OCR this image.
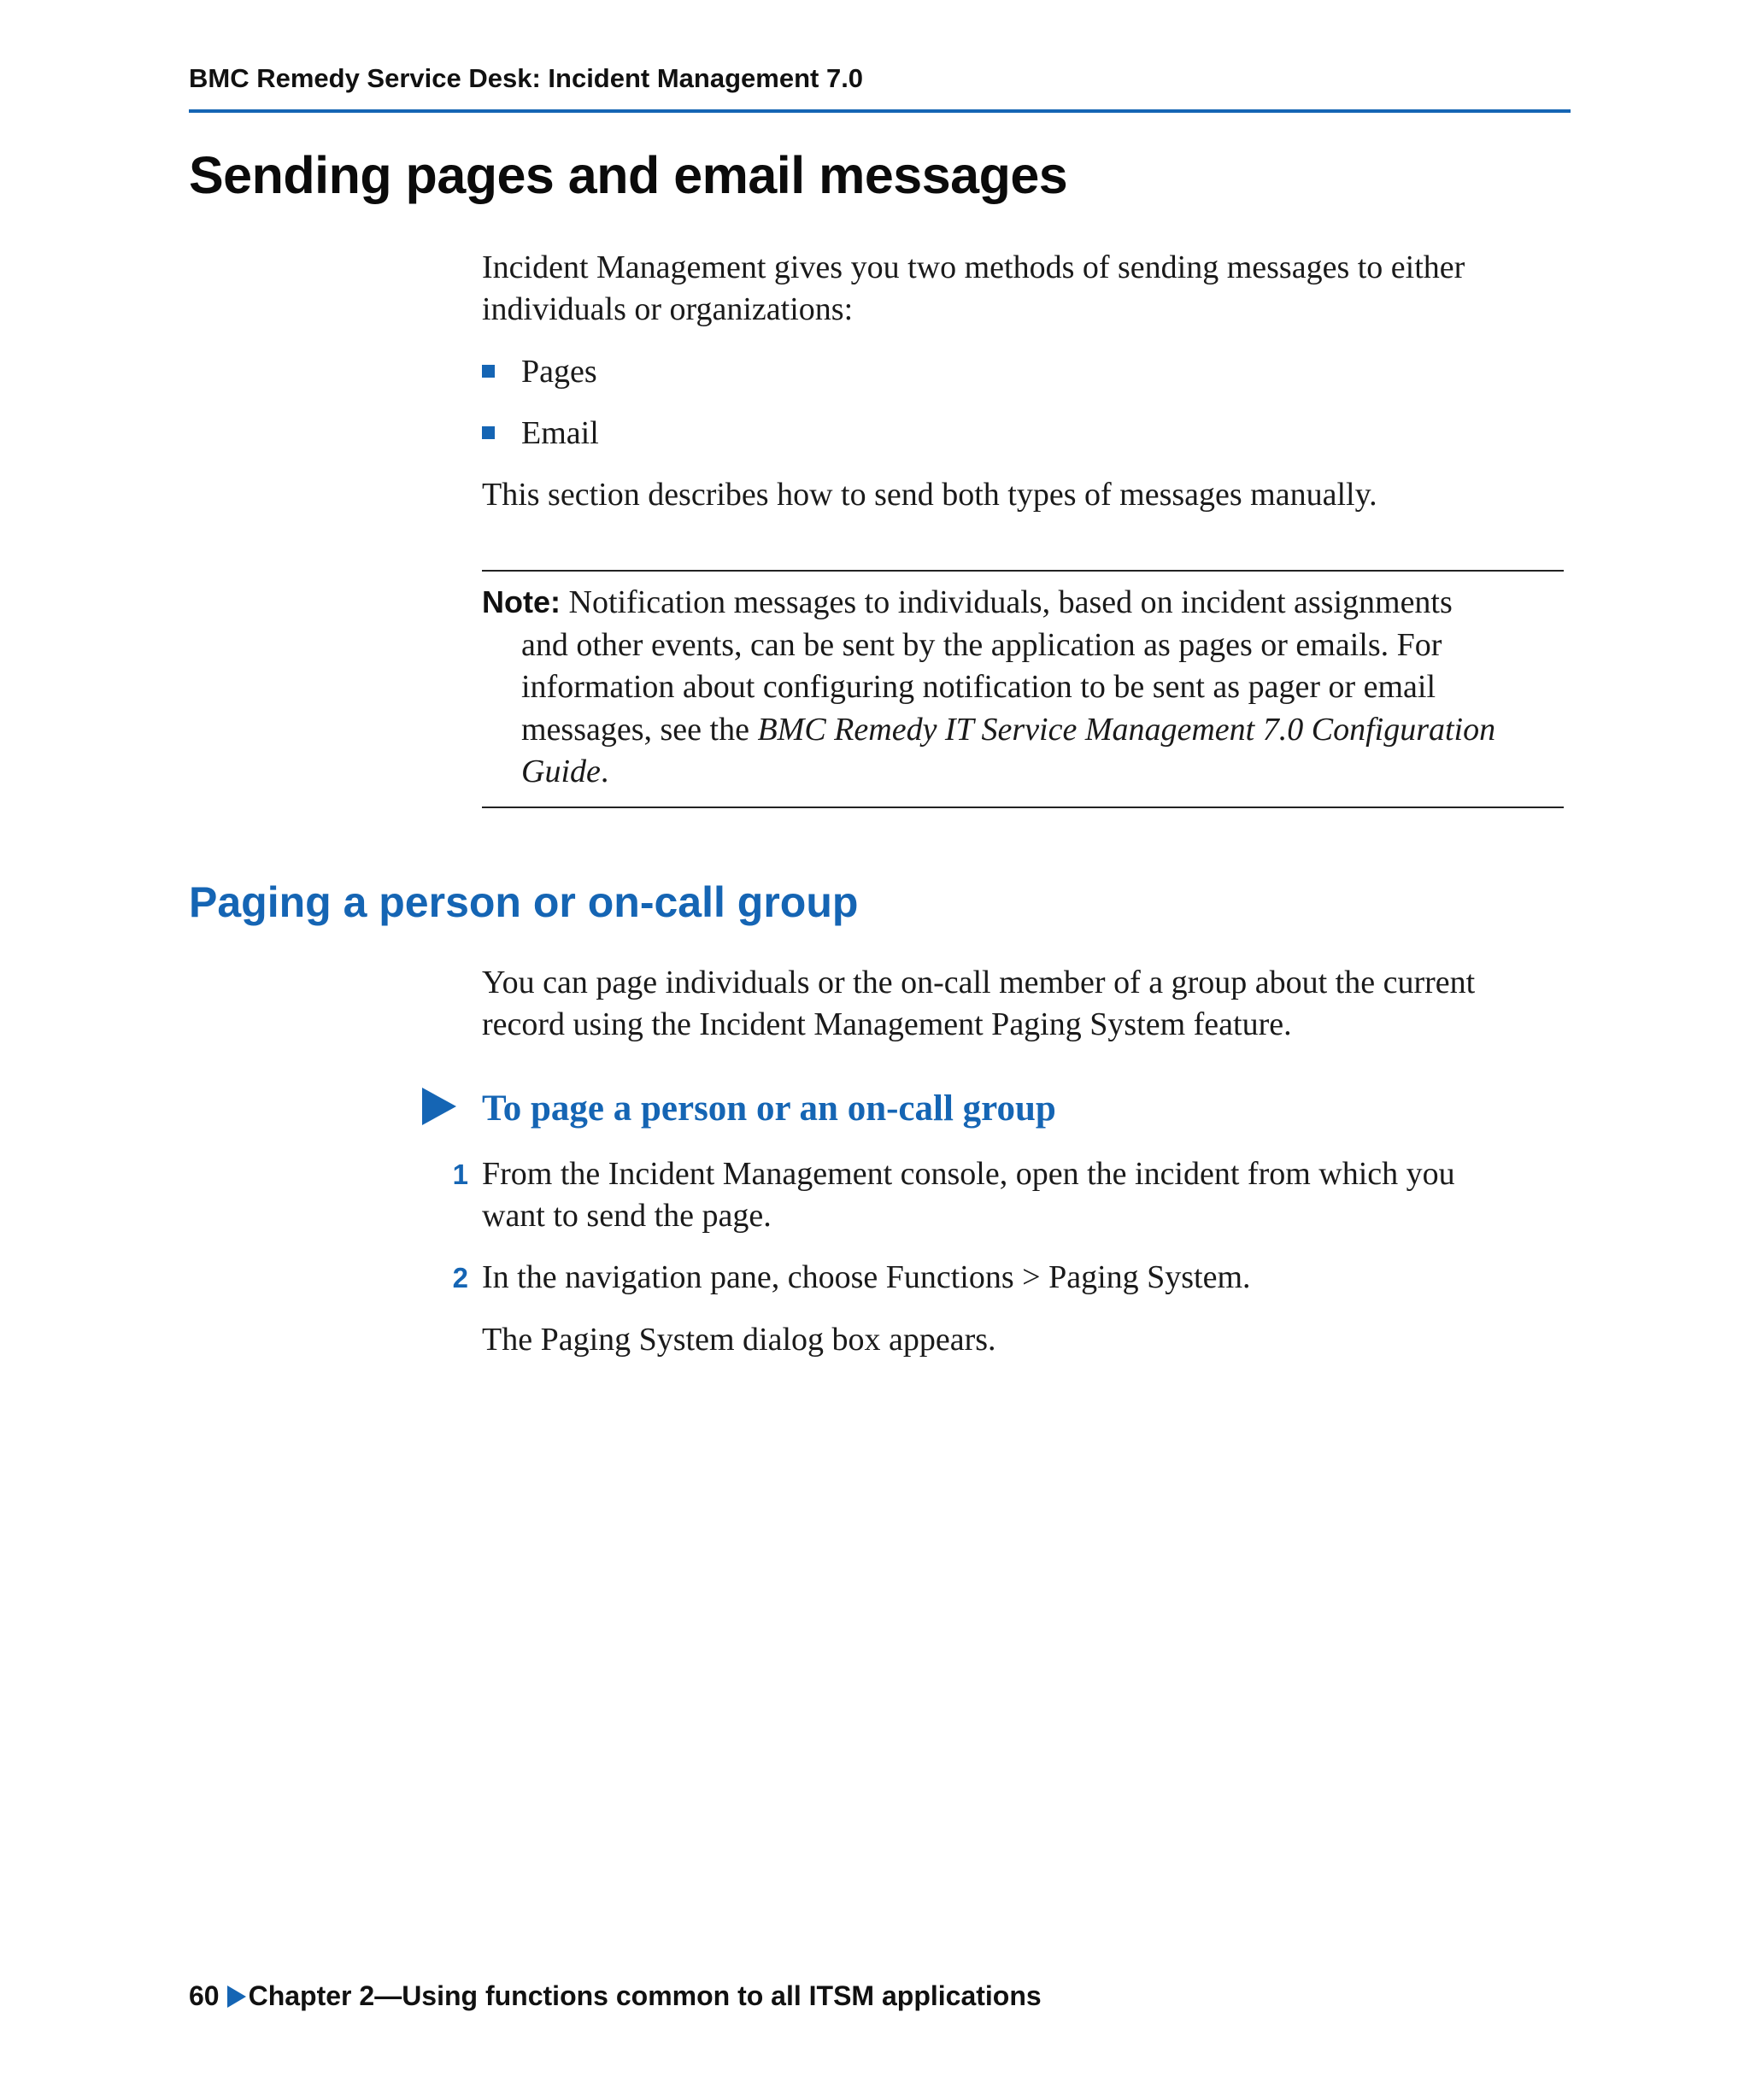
BMC Remedy Service Desk: Incident Management 7.0
Sending pages and email messages
Incident Management gives you two methods of sending messages to either
individuals or organizations:
Pages
Email
This section describes how to send both types of messages manually.
Note: Notification messages to individuals, based on incident assignments
and other events, can be sent by the application as pages or emails. For
information about configuring notification to be sent as pager or email
messages, see the BMC Remedy IT Service Management 7.0 Configuration
Guide.
Paging a person or on-call group
You can page individuals or the on-call member of a group about the current
record using the Incident Management Paging System feature.
To page a person or an on-call group
1 From the Incident Management console, open the incident from which you
want to send the page.
2 In the navigation pane, choose Functions > Paging System.
The Paging System dialog box appears.
60 Chapter 2—Using functions common to all ITSM applications
